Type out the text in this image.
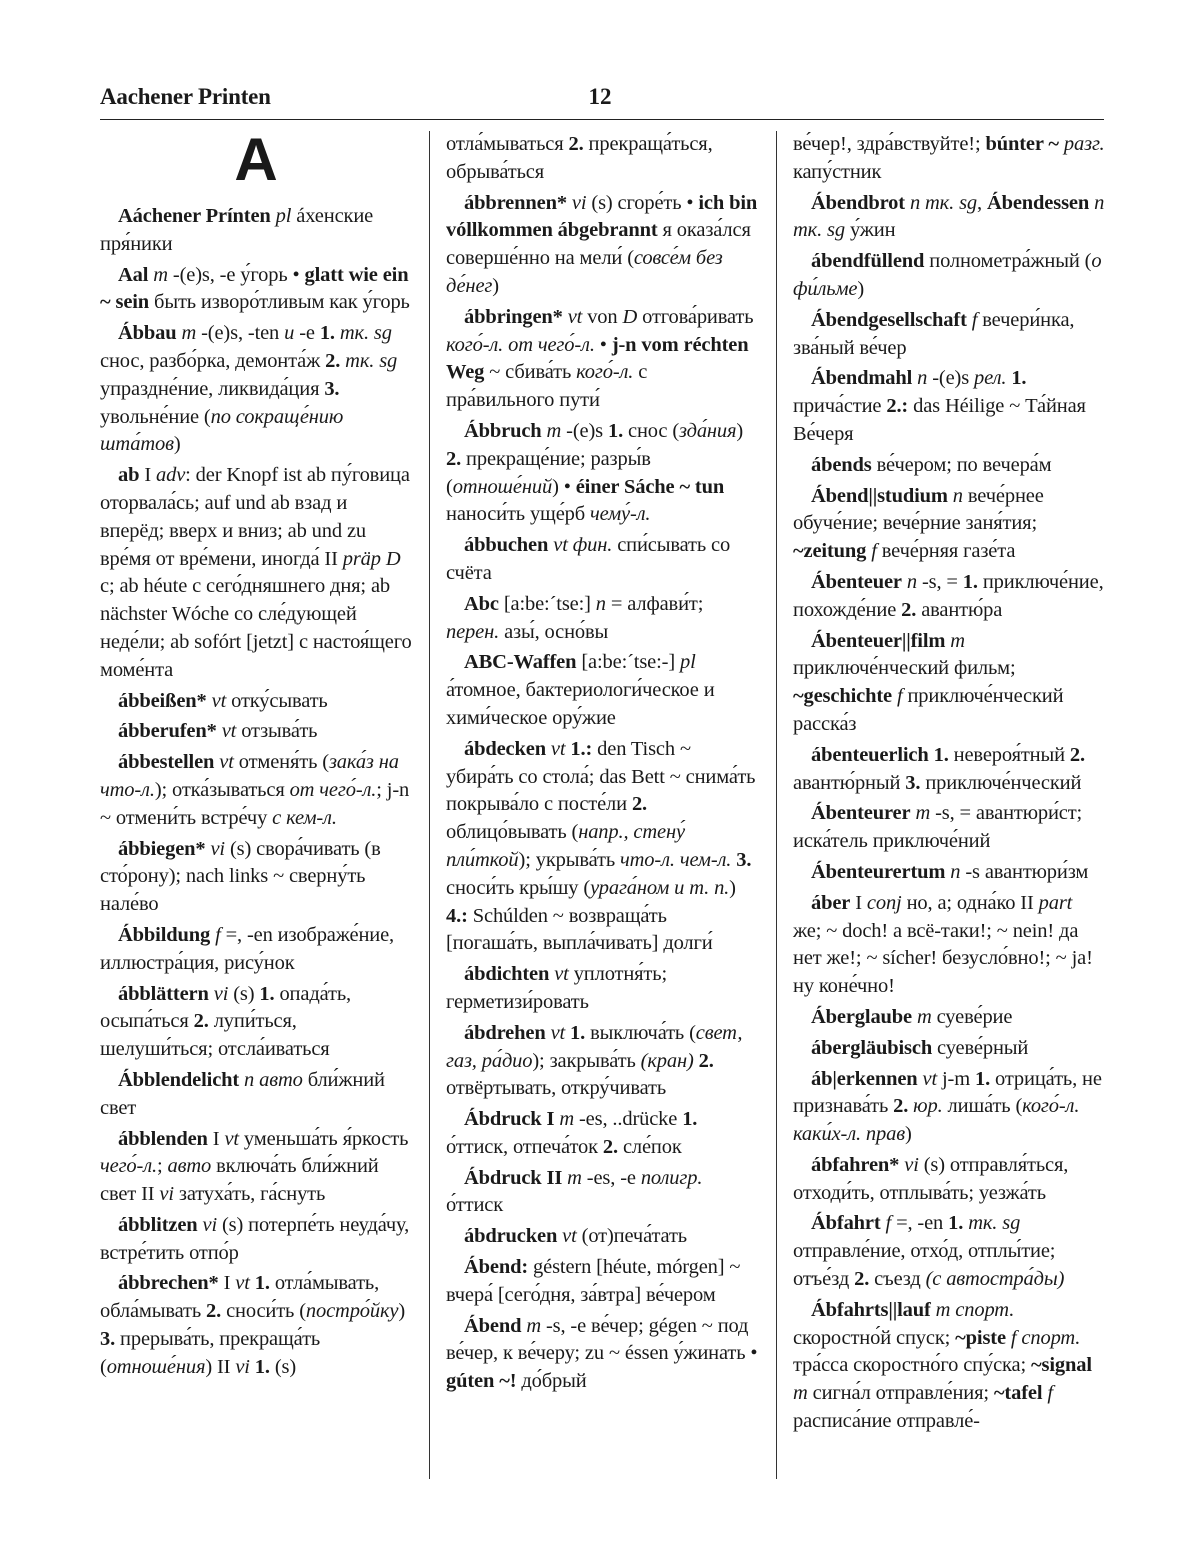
Aachener Printen	12
A
Aáchener Prínten pl áхенские пря́ники
Aal m -(e)s, -e у́горь • glatt wie ein ~ sein быть изворо́тливым как у́горь
Ábbau m -(e)s, -ten u -e 1. тк. sg снос, разбо́рка, демонта́ж 2. тк. sg упраздне́ние, ликвида́ция 3. увольне́ние (по сокраще́нию шта́тов)
ab I adv: der Knopf ist ab пу́говица оторвала́сь; auf und ab взад и вперёд; вверх и вниз; ab und zu вре́мя от вре́мени, иногда́ II präp D с; ab héute с сего́дняшнего дня; ab nächster Wóche со сле́дующей неде́ли; ab sofórt [jetzt] с настоя́щего моме́нта
ábbeißen* vt отку́сывать
ábberufen* vt отзыва́ть
ábbestellen vt отменя́ть (зака́з на что-л.); отка́зываться от чего́-л.; j-n ~ отмени́ть встре́чу с кем-л.
ábbiegen* vi (s) свора́чивать (в сто́рону); nach links ~ сверну́ть нале́во
Ábbildung f =, -en изображе́ние, иллюстра́ция, рису́нок
ábblättern vi (s) 1. опада́ть, осыпа́ться 2. лупи́ться, шелуши́ться; отсла́иваться
Ábblendelicht n авто бли́жний свет
ábblenden I vt уменьша́ть я́ркость чего́-л.; авто включа́ть бли́жний свет II vi затуха́ть, га́снуть
ábblitzen vi (s) потерпе́ть неуда́чу, встре́тить отпо́р
ábbrechen* I vt 1. отла́мывать, обла́мывать 2. сноси́ть (постро́йку) 3. прерыва́ть, прекраща́ть (отноше́ния) II vi 1. (s)
отла́мываться 2. прекраща́ться, обрыва́ться
ábbrennen* vi (s) сгоре́ть • ich bin vóllkommen ábgebrannt я оказа́лся соверше́нно на мели́ (совсе́м без де́нег)
ábbringen* vt von D отгова́ривать кого́-л. от чего́-л. • j-n vom réchten Weg ~ сбива́ть кого́-л. с пра́вильного пути́
Ábbruch m -(e)s 1. снос (зда́ния) 2. прекраще́ние; разры́в (отноше́ний) • éiner Sáche ~ tun наноси́ть уще́рб чему́-л.
ábbuchen vt фин. спи́сывать со счёта
Abc [a:be:´tse:] n = алфави́т; перен. азы́, осно́вы
ABC-Waffen [a:be:´tse:-] pl а́томное, бактериологи́ческое и хими́ческое ору́жие
ábdecken vt 1.: den Tisch ~ убира́ть со стола́; das Bett ~ снима́ть покрыва́ло с посте́ли 2. облицо́вывать (напр., стену́ пли́ткой); укрыва́ть что-л. чем-л. 3. сноси́ть кры́шу (урага́ном и т. п.) 4.: Schúlden ~ возвраща́ть [погаша́ть, выпла́чивать] долги́
ábdichten vt уплотня́ть; герметизи́ровать
ábdrehen vt 1. выключа́ть (свет, газ, ра́дио); закрыва́ть (кран) 2. отвёртывать, откру́чивать
Ábdruck I m -es, ..drücke 1. о́ттиск, отпеча́ток 2. сле́пок
Ábdruck II m -es, -e полигр. о́ттиск
ábdrucken vt (от)печа́тать
Ábend: géstern [héute, mórgen] ~ вчера́ [сего́дня, за́втра] ве́чером
Ábend m -s, -e ве́чер; gégen ~ под ве́чер, к ве́черу; zu ~ éssen у́жинать • gúten ~! до́брый
ве́чер!, здра́вствуйте!; búnter ~ разг. капу́стник
Ábendbrot n тк. sg, Ábendessen n тк. sg у́жин
ábendfüllend полнометра́жный (о фи́льме)
Ábendgesellschaft f вечери́нка, зва́ный ве́чер
Ábendmahl n -(e)s рел. 1. прича́стие 2.: das Héilige ~ Та́йная Ве́черя
ábends ве́чером; по вечера́м
Ábend||studium n вече́рнее обуче́ние; вече́рние заня́тия; ~zeitung f вече́рняя газе́та
Ábenteuer n -s, = 1. приключе́ние, похожде́ние 2. авантю́ра
Ábenteuer||film m приключе́нческий фильм; ~geschichte f приключе́нческий расска́з
ábenteuerlich 1. невероя́тный 2. авантю́рный 3. приключе́нческий
Ábenteurer m -s, = авантюри́ст; иска́тель приключе́ний
Ábenteurertum n -s авантюри́зм
áber I conj но, а; одна́ко II part же; ~ doch! а всё-таки!; ~ nein! да нет же!; ~ sícher! безусло́вно!; ~ ja! ну коне́чно!
Áberglaube m суеве́рие
ábergläubisch суеве́рный
áb|erkennen vt j-m 1. отрица́ть, не признава́ть 2. юр. лиша́ть (кого́-л. каки́х-л. прав)
ábfahren* vi (s) отправля́ться, отходи́ть, отплыва́ть; уезжа́ть
Ábfahrt f =, -en 1. тк. sg отправле́ние, отхо́д, отплы́тие; отъе́зд 2. съезд (с автостра́ды)
Ábfahrts||lauf m спорт. скоростно́й спуск; ~piste f спорт. тра́сса скоростно́го спу́ска; ~signal m сигна́л отправле́ния; ~tafel f расписа́ние отправле́-
